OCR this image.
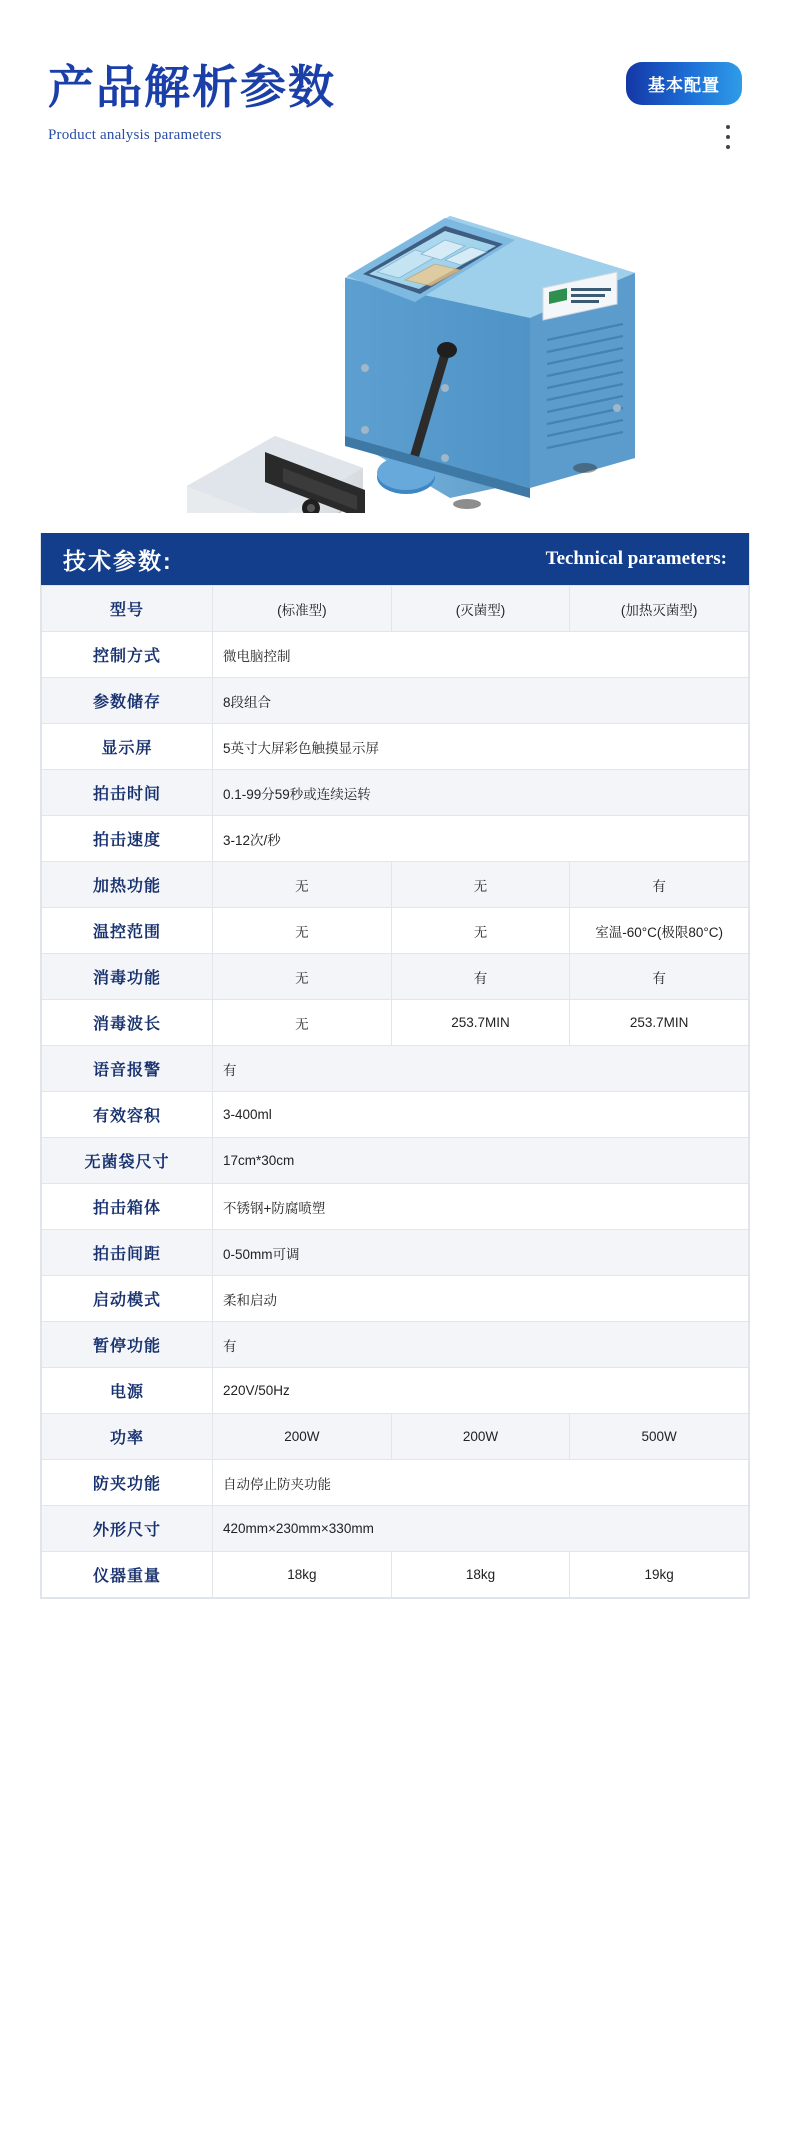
产品解析参数
Product analysis parameters
基本配置
技术参数:	Technical parameters:
型号	(标准型)	(灭菌型)	(加热灭菌型)
控制方式	微电脑控制		
参数储存	8段组合		
显示屏	5英寸大屏彩色触摸显示屏		
拍击时间	0.1-99分59秒或连续运转		
拍击速度	3-12次/秒		
加热功能	无	无	有
温控范围	无	无	室温-60°C(极限80°C)
消毒功能	无	有	有
消毒波长	无	253.7MIN	253.7MIN
语音报警	有		
有效容积	3-400ml		
无菌袋尺寸	17cm*30cm		
拍击箱体	不锈钢+防腐喷塑		
拍击间距	0-50mm可调		
启动模式	柔和启动		
暂停功能	有		
电源	220V/50Hz		
功率	200W	200W	500W
防夹功能	自动停止防夹功能		
外形尺寸	420mm×230mm×330mm		
仪器重量	18kg	18kg	19kg
